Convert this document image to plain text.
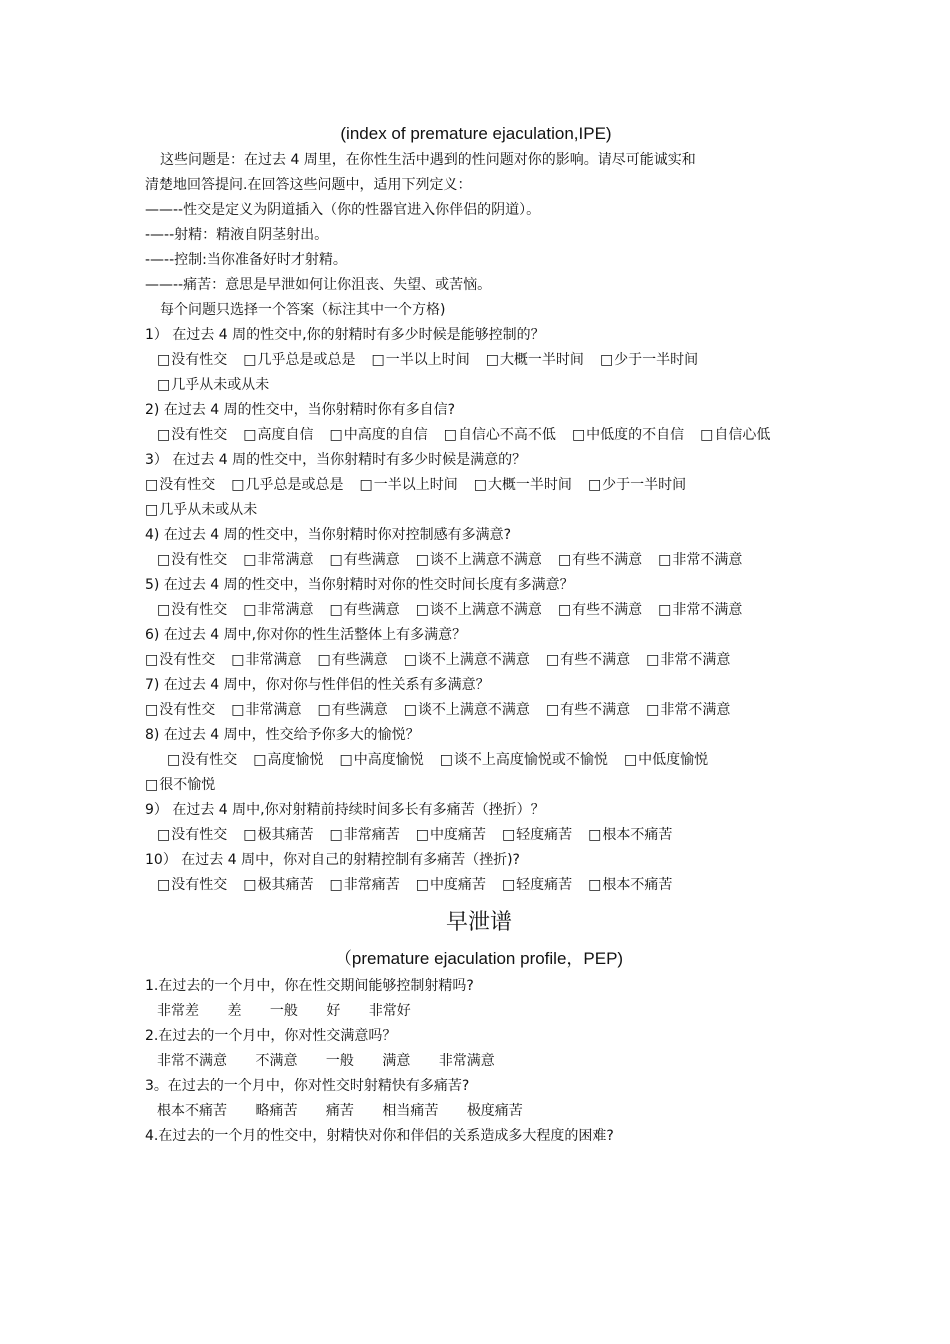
(index of premature ejaculation,IPE)
这些问题是：在过去 4 周里，在你性生活中遇到的性问题对你的影响。请尽可能诚实和
清楚地回答提问.在回答这些问题中，适用下列定义：
——--性交是定义为阴道插入（你的性器官进入你伴侣的阴道）。
-—--射精：精液自阴茎射出。
-—--控制:当你准备好时才射精。
——--痛苦：意思是早泄如何让你沮丧、失望、或苦恼。
每个问题只选择一个答案（标注其中一个方格)
1） 在过去 4 周的性交中,你的射精时有多少时候是能够控制的？
□ 没有性交	□ 几乎总是或总是	□ 一半以上时间	□ 大概一半时间	□ 少于一半时间
□ 几乎从未或从未
2) 在过去 4 周的性交中，当你射精时你有多自信?
□ 没有性交	□ 高度自信	□ 中高度的自信	□ 自信心不高不低	□ 中低度的不自信	□ 自信心低
3） 在过去 4 周的性交中，当你射精时有多少时候是满意的？
□ 没有性交	□ 几乎总是或总是	□ 一半以上时间	□ 大概一半时间	□ 少于一半时间
□ 几乎从未或从未
4) 在过去 4 周的性交中，当你射精时你对控制感有多满意?
□ 没有性交	□ 非常满意	□ 有些满意	□ 谈不上满意不满意	□ 有些不满意	□ 非常不满意
5) 在过去 4 周的性交中，当你射精时对你的性交时间长度有多满意？
□ 没有性交	□ 非常满意	□ 有些满意	□ 谈不上满意不满意	□ 有些不满意	□ 非常不满意
6) 在过去 4 周中,你对你的性生活整体上有多满意？
□ 没有性交	□ 非常满意	□ 有些满意	□ 谈不上满意不满意	□ 有些不满意	□ 非常不满意
7) 在过去 4 周中，你对你与性伴侣的性关系有多满意？
□ 没有性交	□ 非常满意	□ 有些满意	□ 谈不上满意不满意	□ 有些不满意	□ 非常不满意
8) 在过去 4 周中，性交给予你多大的愉悦？
□ 没有性交	□ 高度愉悦	□ 中高度愉悦	□ 谈不上高度愉悦或不愉悦	□ 中低度愉悦
□ 很不愉悦
9） 在过去 4 周中,你对射精前持续时间多长有多痛苦（挫折）？
□ 没有性交	□ 极其痛苦	□ 非常痛苦	□ 中度痛苦	□ 轻度痛苦	□ 根本不痛苦
10） 在过去 4 周中，你对自己的射精控制有多痛苦（挫折)?
□ 没有性交	□ 极其痛苦	□ 非常痛苦	□ 中度痛苦	□ 轻度痛苦	□ 根本不痛苦
早泄谱
（premature ejaculation profile，PEP)
1.在过去的一个月中，你在性交期间能够控制射精吗?
非常差 差 一般 好 非常好
2.在过去的一个月中，你对性交满意吗？
非常不满意 不满意 一般 满意 非常满意
3。在过去的一个月中，你对性交时射精快有多痛苦?
根本不痛苦 略痛苦 痛苦 相当痛苦 极度痛苦
4.在过去的一个月的性交中，射精快对你和伴侣的关系造成多大程度的困难?
